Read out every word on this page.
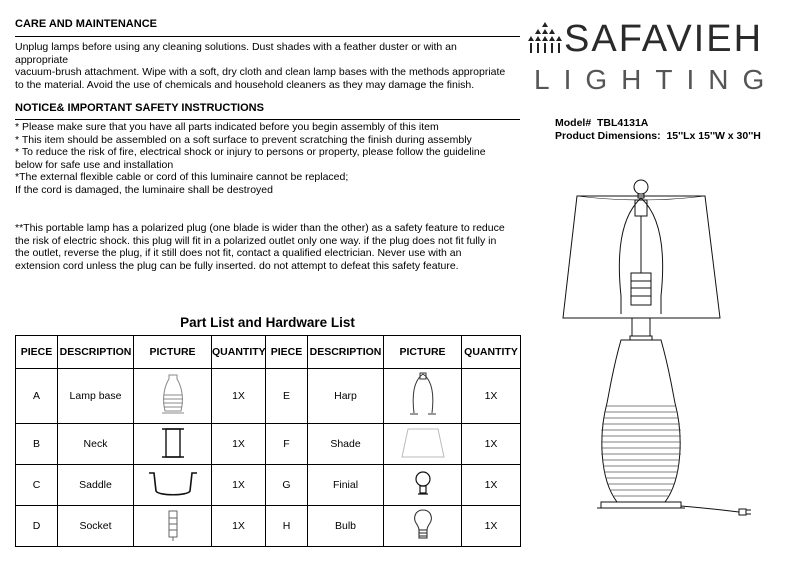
CARE AND MAINTENANCE
Unplug lamps before using any cleaning solutions. Dust shades with a feather duster or with an
appropriate
vacuum-brush attachment. Wipe with a soft, dry cloth and clean lamp bases with the methods appropriate
to the material. Avoid the use of chemicals and household cleaners as they may damage the finish.
NOTICE& IMPORTANT SAFETY INSTRUCTIONS
* Please make sure that you have all parts indicated before you begin assembly of this item
* This item should be assembled on a soft surface to prevent scratching the finish during assembly
* To reduce the risk of fire, electrical shock or injury to persons or property, please follow the guideline
below for safe use and installation
*The external flexible cable or cord of this luminaire cannot be replaced;
If the cord is damaged, the luminaire shall be destroyed
**This portable lamp has a polarized plug (one blade is wider than the other) as a safety feature to reduce
the risk of electric shock. this plug will fit in a polarized outlet only one way. if the plug does not fit fully in
the outlet, reverse the plug, if it still does not fit, contact a qualified electrician. Never use with an
extension cord unless the plug can be fully inserted. do not attempt to defeat this safety feature.
SAFAVIEH
LIGHTING
Model# TBL4131A
Product Dimensions: 15''Lx 15''W x 30''H
Part List and Hardware List
PIECE	DESCRIPTION	PICTURE	QUANTITY	PIECE	DESCRIPTION	PICTURE	QUANTITY
A	Lamp base		1X	E	Harp		1X
B	Neck		1X	F	Shade		1X
C	Saddle		1X	G	Finial		1X
D	Socket		1X	H	Bulb		1X
